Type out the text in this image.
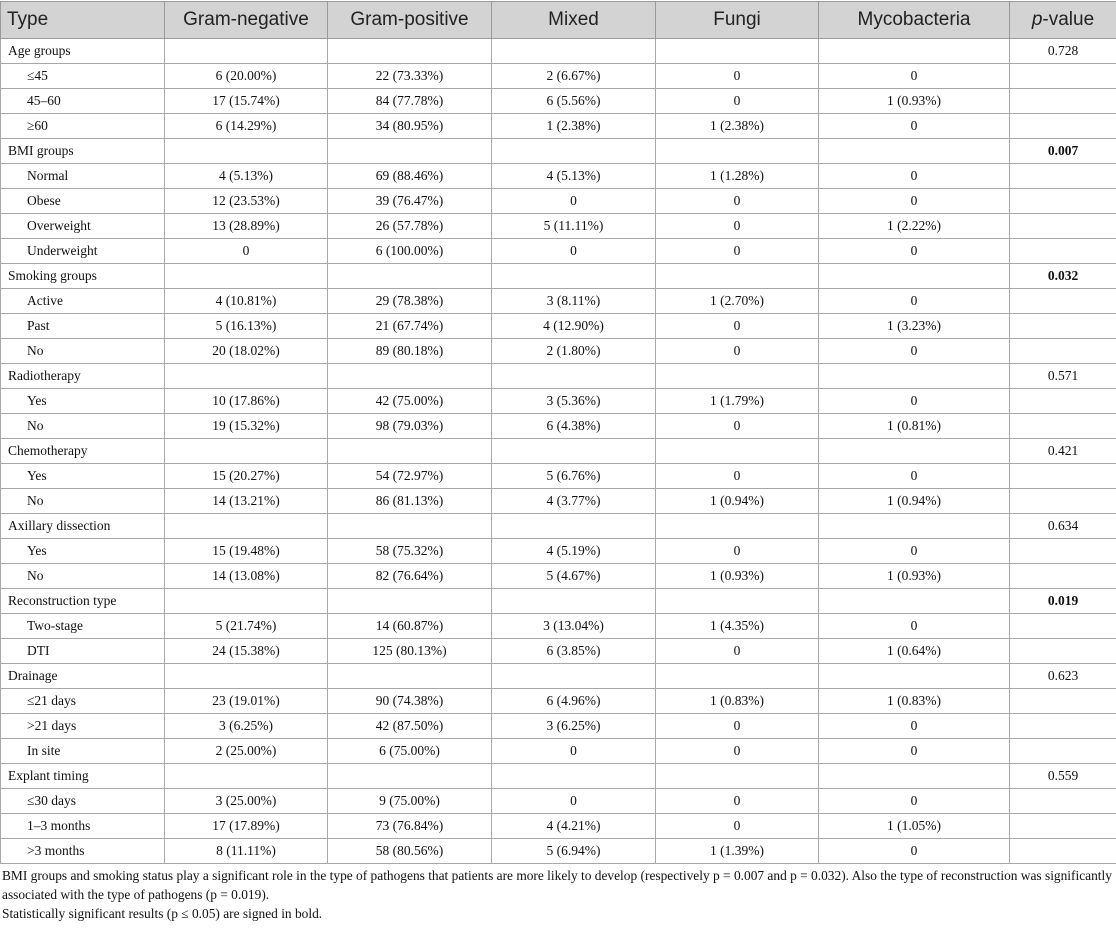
Type	Gram-negative	Gram-positive	Mixed	Fungi	Mycobacteria	p-value
Age groups						0.728
≤45	6 (20.00%)	22 (73.33%)	2 (6.67%)	0	0	
45–60	17 (15.74%)	84 (77.78%)	6 (5.56%)	0	1 (0.93%)	
≥60	6 (14.29%)	34 (80.95%)	1 (2.38%)	1 (2.38%)	0	
BMI groups						0.007
Normal	4 (5.13%)	69 (88.46%)	4 (5.13%)	1 (1.28%)	0	
Obese	12 (23.53%)	39 (76.47%)	0	0	0	
Overweight	13 (28.89%)	26 (57.78%)	5 (11.11%)	0	1 (2.22%)	
Underweight	0	6 (100.00%)	0	0	0	
Smoking groups						0.032
Active	4 (10.81%)	29 (78.38%)	3 (8.11%)	1 (2.70%)	0	
Past	5 (16.13%)	21 (67.74%)	4 (12.90%)	0	1 (3.23%)	
No	20 (18.02%)	89 (80.18%)	2 (1.80%)	0	0	
Radiotherapy						0.571
Yes	10 (17.86%)	42 (75.00%)	3 (5.36%)	1 (1.79%)	0	
No	19 (15.32%)	98 (79.03%)	6 (4.38%)	0	1 (0.81%)	
Chemotherapy						0.421
Yes	15 (20.27%)	54 (72.97%)	5 (6.76%)	0	0	
No	14 (13.21%)	86 (81.13%)	4 (3.77%)	1 (0.94%)	1 (0.94%)	
Axillary dissection						0.634
Yes	15 (19.48%)	58 (75.32%)	4 (5.19%)	0	0	
No	14 (13.08%)	82 (76.64%)	5 (4.67%)	1 (0.93%)	1 (0.93%)	
Reconstruction type						0.019
Two-stage	5 (21.74%)	14 (60.87%)	3 (13.04%)	1 (4.35%)	0	
DTI	24 (15.38%)	125 (80.13%)	6 (3.85%)	0	1 (0.64%)	
Drainage						0.623
≤21 days	23 (19.01%)	90 (74.38%)	6 (4.96%)	1 (0.83%)	1 (0.83%)	
>21 days	3 (6.25%)	42 (87.50%)	3 (6.25%)	0	0	
In site	2 (25.00%)	6 (75.00%)	0	0	0	
Explant timing						0.559
≤30 days	3 (25.00%)	9 (75.00%)	0	0	0	
1–3 months	17 (17.89%)	73 (76.84%)	4 (4.21%)	0	1 (1.05%)	
>3 months	8 (11.11%)	58 (80.56%)	5 (6.94%)	1 (1.39%)	0	

BMI groups and smoking status play a significant role in the type of pathogens that patients are more likely to develop (respectively p = 0.007 and p = 0.032). Also the type of reconstruction was significantly associated with the type of pathogens (p = 0.019).

Statistically significant results (p ≤ 0.05) are signed in bold.
